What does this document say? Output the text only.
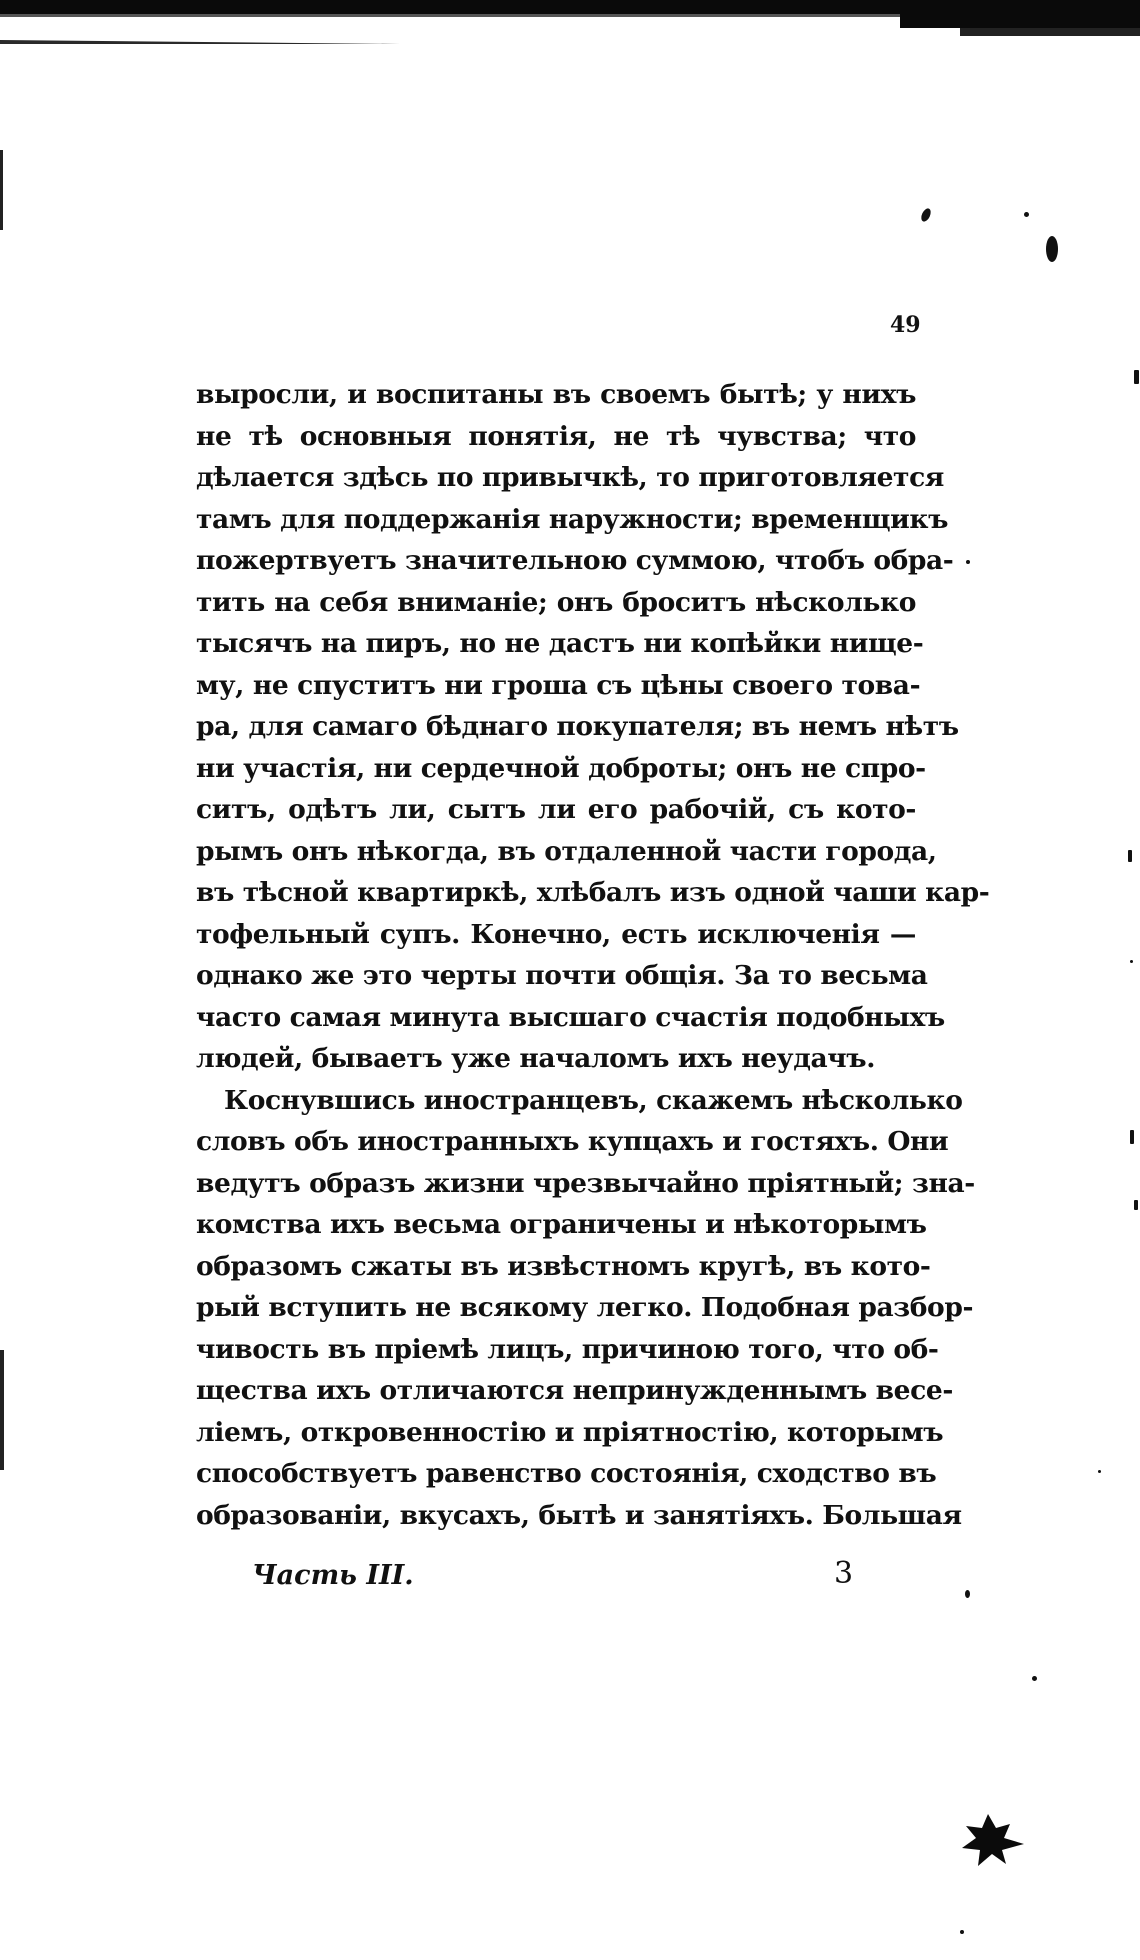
49

выросли, и воспитаны въ своемъ бытѣ; у нихъ
не тѣ основныя понятія, не тѣ чувства; что
дѣлается здѣсь по привычкѣ, то приготовляется
тамъ для поддержанія наружности; временщикъ
пожертвуетъ значительною суммою, чтобъ обра-
тить на себя вниманіе; онъ броситъ нѣсколько
тысячъ на пиръ, но не дастъ ни копѣйки нище-
му, не спуститъ ни гроша съ цѣны своего това-
ра, для самаго бѣднаго покупателя; въ немъ нѣтъ
ни участія, ни сердечной доброты; онъ не спро-
ситъ, одѣтъ ли, сытъ ли его рабочій, съ кото-
рымъ онъ нѣкогда, въ отдаленной части города,
въ тѣсной квартиркѣ, хлѣбалъ изъ одной чаши кар-
тофельный супъ. Конечно, есть исключенія —
однако же это черты почти общія. За то весьма
часто самая минута высшаго счастія подобныхъ
людей, бываетъ уже началомъ ихъ неудачъ.

Коснувшись иностранцевъ, скажемъ нѣсколько
словъ объ иностранныхъ купцахъ и гостяхъ. Они
ведутъ образъ жизни чрезвычайно пріятный; зна-
комства ихъ весьма ограничены и нѣкоторымъ
образомъ сжаты въ извѣстномъ кругѣ, въ кото-
рый вступить не всякому легко. Подобная разбор-
чивость въ пріемѣ лицъ, причиною того, что об-
щества ихъ отличаются непринужденнымъ весе-
ліемъ, откровенностію и пріятностію, которымъ
способствуетъ равенство состоянія, сходство въ
образованіи, вкусахъ, бытѣ и занятіяхъ. Большая

Часть III.	3
